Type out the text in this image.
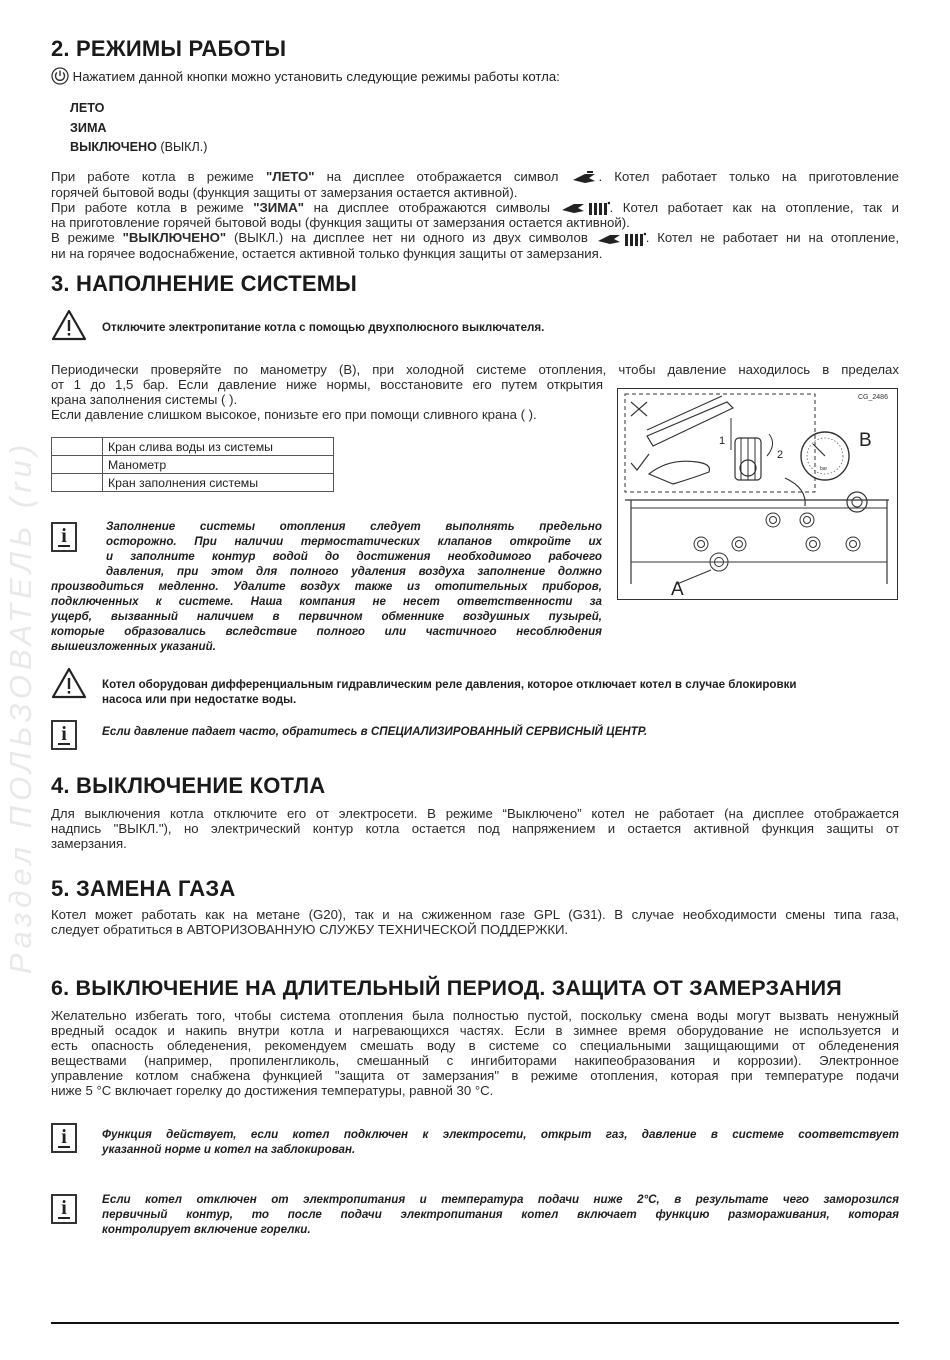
Раздел ПОЛЬЗОВАТЕЛЬ (ru)
2. РЕЖИМЫ РАБОТЫ
Нажатием данной кнопки можно установить следующие режимы работы котла:
ЛЕТО
ЗИМА
ВЫКЛЮЧЕНО (ВЫКЛ.)
При работе котла в режиме "ЛЕТО" на дисплее отображается символ . Котел работает только на приготовление
горячей бытовой воды (функция защиты от замерзания остается активной).
При работе котла в режиме "ЗИМА" на дисплее отображаются символы	. Котел работает как на отопление, так и
на приготовление горячей бытовой воды (функция защиты от замерзания остается активной).
В режиме "ВЫКЛЮЧЕНО" (ВЫКЛ.) на дисплее нет ни одного из двух символов	. Котел не работает ни на отопление,
ни на горячее водоснабжение, остается активной только функция защиты от замерзания.
3. НАПОЛНЕНИЕ СИСТЕМЫ
Отключите электропитание котла с помощью двухполюсного выключателя.
Периодически проверяйте по манометру (В), при холодной системе отопления, чтобы давление находилось в пределах
от 1 до 1,5 бар. Если давление ниже нормы, восстановите его путем открытия
крана заполнения системы ( ).
Если давление слишком высокое, понизьте его при помощи сливного крана ( ).
	Кран слива воды из системы
	Манометр
	Кран заполнения системы
CG_2486
1
2
bar
B
A
i	Заполнение системы отопления следует выполнять предельно
осторожно. При наличии термостатических клапанов откройте их
и заполните контур водой до достижения необходимого рабочего
давления, при этом для полного удаления воздуха заполнение должно
производиться медленно. Удалите воздух также из отопительных приборов,
подключенных к системе. Наша компания не несет ответственности за
ущерб, вызванный наличием в первичном обменнике воздушных пузырей,
которые образовались вследствие полного или частичного несоблюдения
вышеизложенных указаний.
Котел оборудован дифференциальным гидравлическим реле давления, которое отключает котел в случае блокировки
насоса или при недостатке воды.
i	Если давление падает часто, обратитесь в СПЕЦИАЛИЗИРОВАННЫЙ СЕРВИСНЫЙ ЦЕНТР.
4. ВЫКЛЮЧЕНИЕ КОТЛА
Для выключения котла отключите его от электросети. В режиме “Выключено” котел не работает (на дисплее отображается
надпись "ВЫКЛ."), но электрический контур котла остается под напряжением и остается активной функция защиты от
замерзания.
5. ЗАМЕНА ГАЗА
Котел может работать как на метане (G20), так и на сжиженном газе GPL (G31). В случае необходимости смены типа газа,
следует обратиться в АВТОРИЗОВАННУЮ СЛУЖБУ ТЕХНИЧЕСКОЙ ПОДДЕРЖКИ.
6. ВЫКЛЮЧЕНИЕ НА ДЛИТЕЛЬНЫЙ ПЕРИОД. ЗАЩИТА ОТ ЗАМЕРЗАНИЯ
Желательно избегать того, чтобы система отопления была полностью пустой, поскольку смена воды могут вызвать ненужный
вредный осадок и накипь внутри котла и нагревающихся частях. Если в зимнее время оборудование не используется и
есть опасность обледенения, рекомендуем смешать воду в системе со специальными защищающими от обледенения
веществами (например, пропиленгликоль, смешанный с ингибиторами накипеобразования и коррозии). Электронное
управление котлом снабжена функцией "защита от замерзания" в режиме отопления, которая при температуре подачи
ниже 5 °С включает горелку до достижения температуры, равной 30 °С.
i	Функция действует, если котел подключен к электросети, открыт газ, давление в системе соответствует
указанной норме и котел на заблокирован.
i	Если котел отключен от электропитания и температура подачи ниже 2°С, в результате чего заморозился
первичный контур, то после подачи электропитания котел включает функцию размораживания, которая
контролирует включение горелки.
